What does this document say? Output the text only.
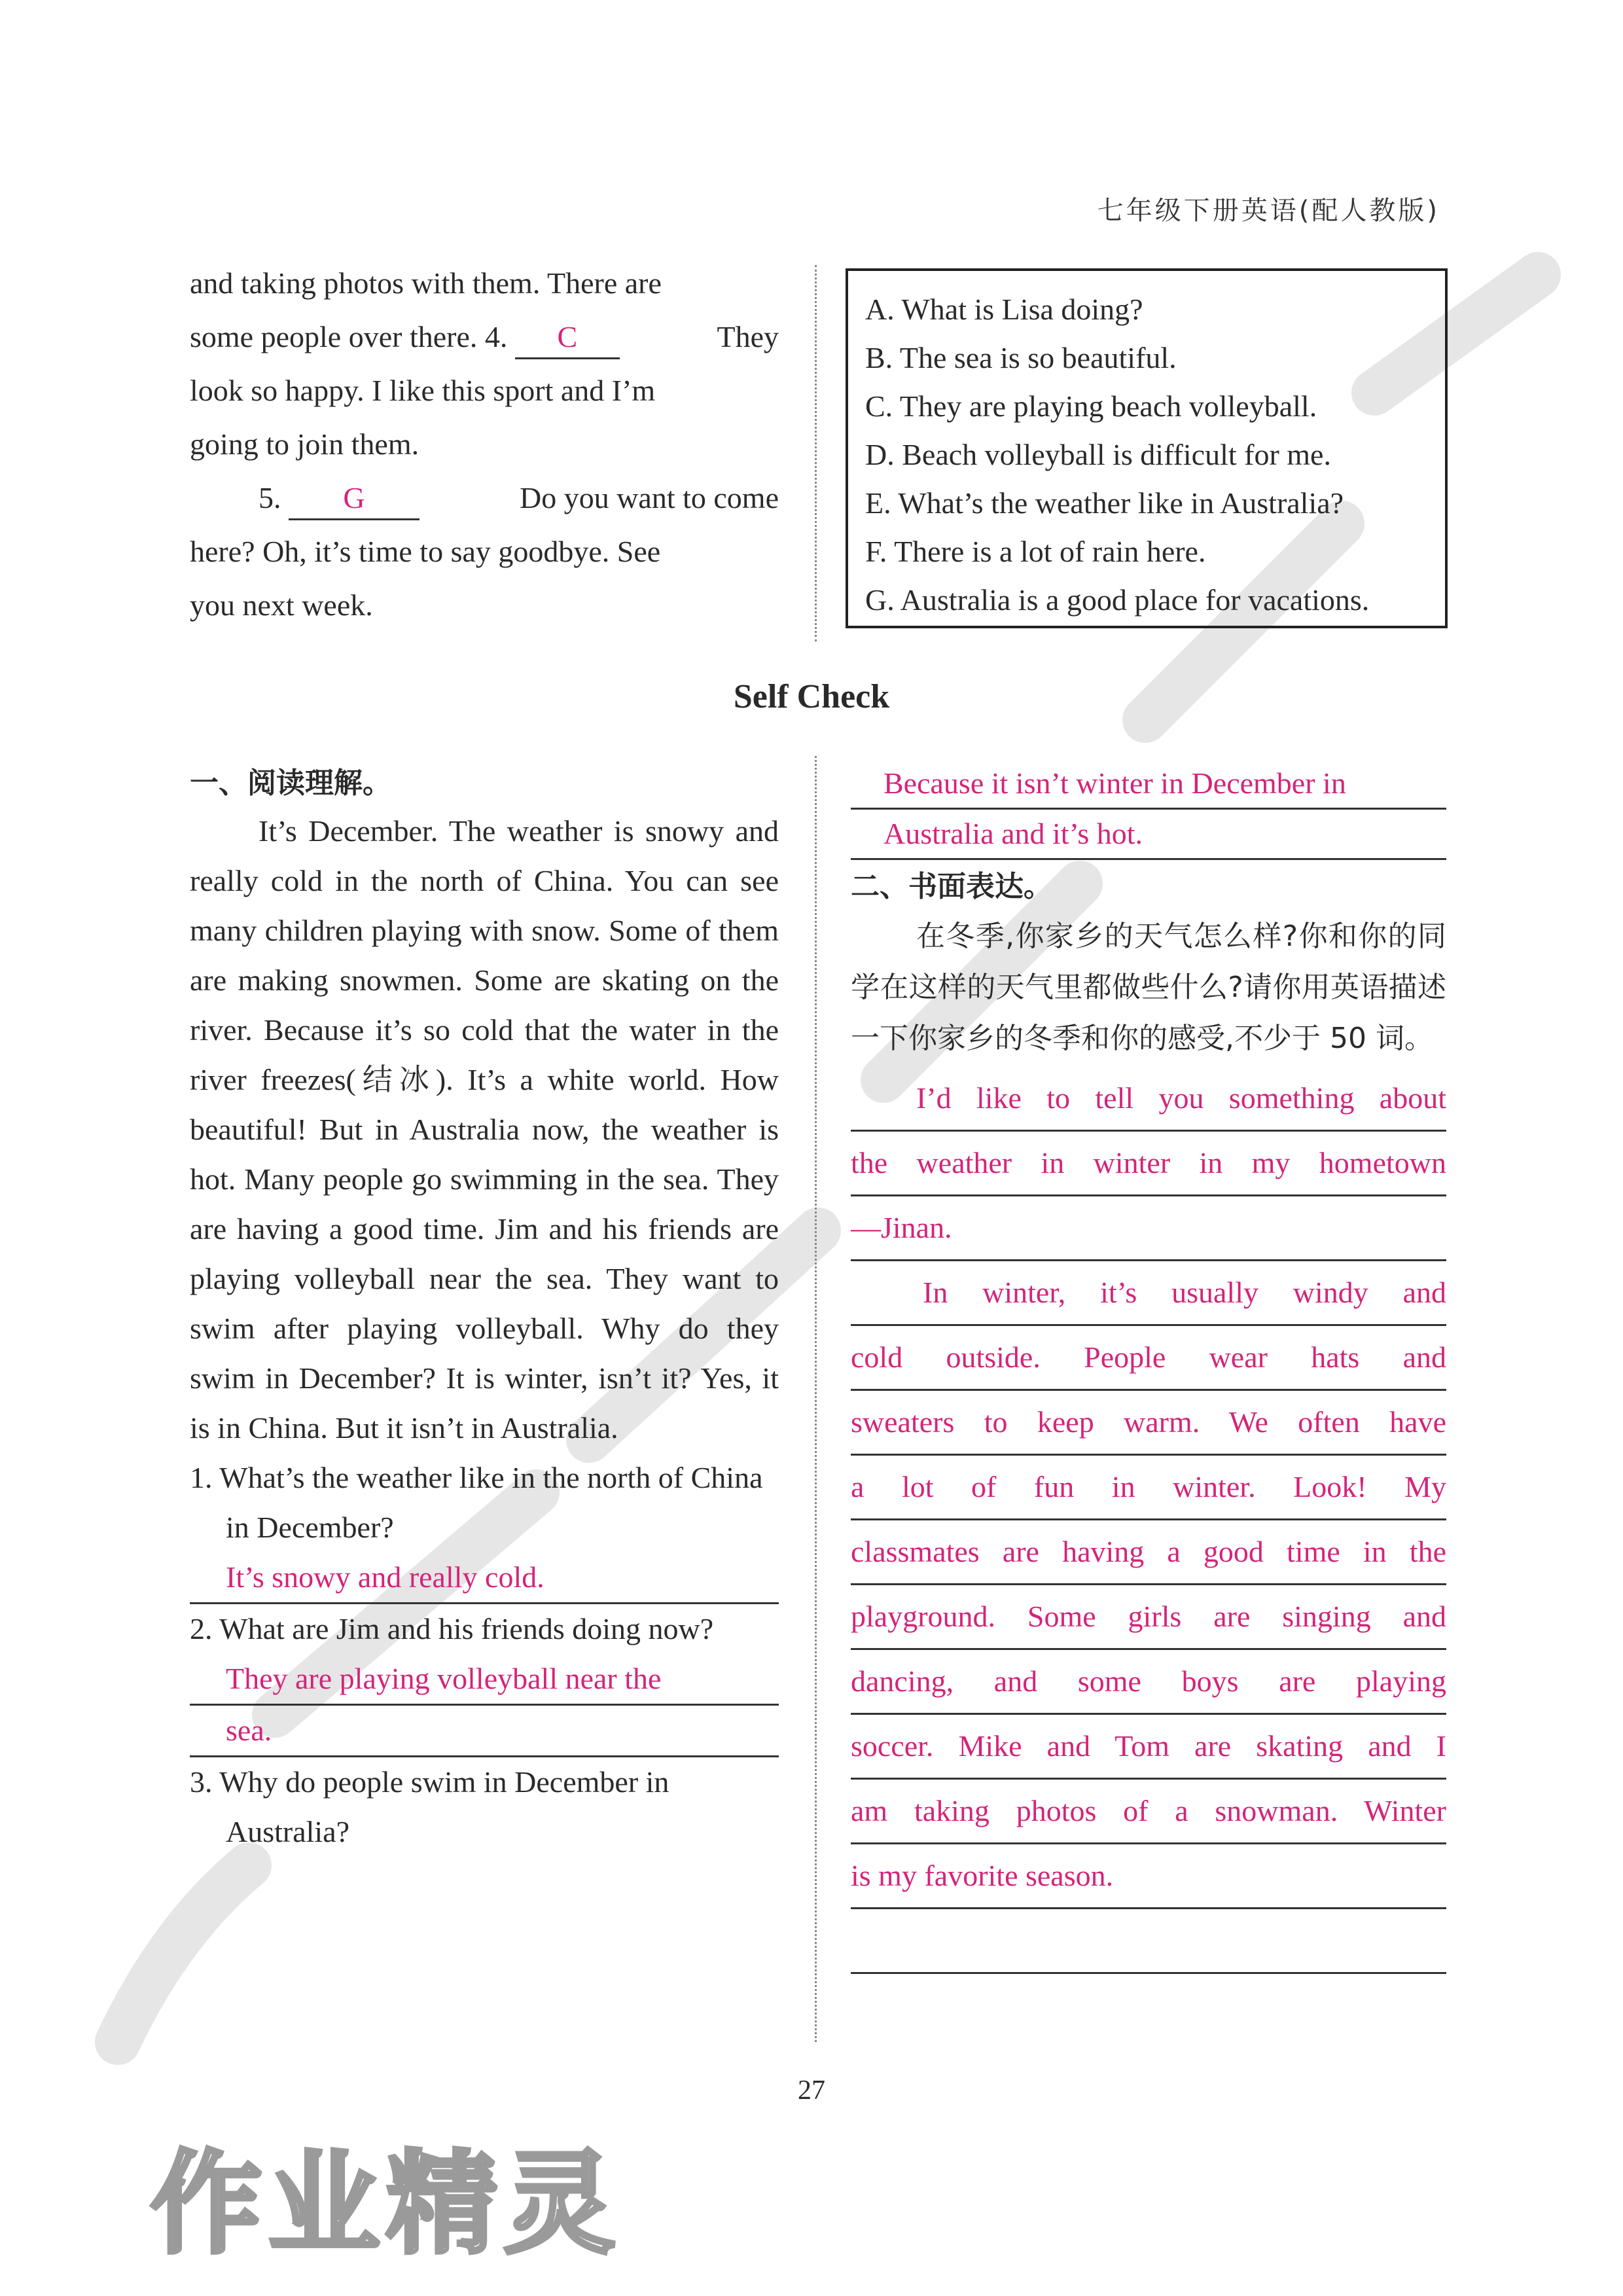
七年级下册英语(配人教版)
and taking photos with them. There are
some people over there. 4. C	They
look so happy. I like this sport and I’m
going to join them.
5. G	Do you want to come
here? Oh, it’s time to say goodbye. See
you next week.
A. What is Lisa doing?
B. The sea is so beautiful.
C. They are playing beach volleyball.
D. Beach volleyball is difficult for me.
E. What’s the weather like in Australia?
F. There is a lot of rain here.
G. Australia is a good place for vacations.
Self Check
一、阅读理解。

It’s December. The weather is snowy and really cold in the north of China. You can see many children playing with snow. Some of them are making snowmen. Some are skating on the river. Because it’s so cold that the water in the river freezes(结冰). It’s a white world. How beautiful! But in Australia now, the weather is hot. Many people go swimming in the sea. They are having a good time. Jim and his friends are playing volleyball near the sea. They want to swim after playing volleyball. Why do they swim in December? It is winter, isn’t it? Yes, it is in China. But it isn’t in Australia.

1. What’s the weather like in the north of China in December?

It’s snowy and really cold.

2. What are Jim and his friends doing now?

They are playing volleyball near the
sea.

3. Why do people swim in December in Australia?

Because it isn’t winter in December in
Australia and it’s hot.
二、书面表达。
在冬季,你家乡的天气怎么样?你和你的同学在这样的天气里都做些什么?请你用英语描述一下你家乡的冬季和你的感受,不少于 50 词。
I’d like to tell you something about
the weather in winter in my hometown
—Jinan.
In winter, it’s usually windy and
cold outside. People wear hats and
sweaters to keep warm. We often have
a lot of fun in winter. Look! My
classmates are having a good time in the
playground. Some girls are singing and
dancing, and some boys are playing
soccer. Mike and Tom are skating and I
am taking photos of a snowman. Winter
is my favorite season.

27
作业精灵
